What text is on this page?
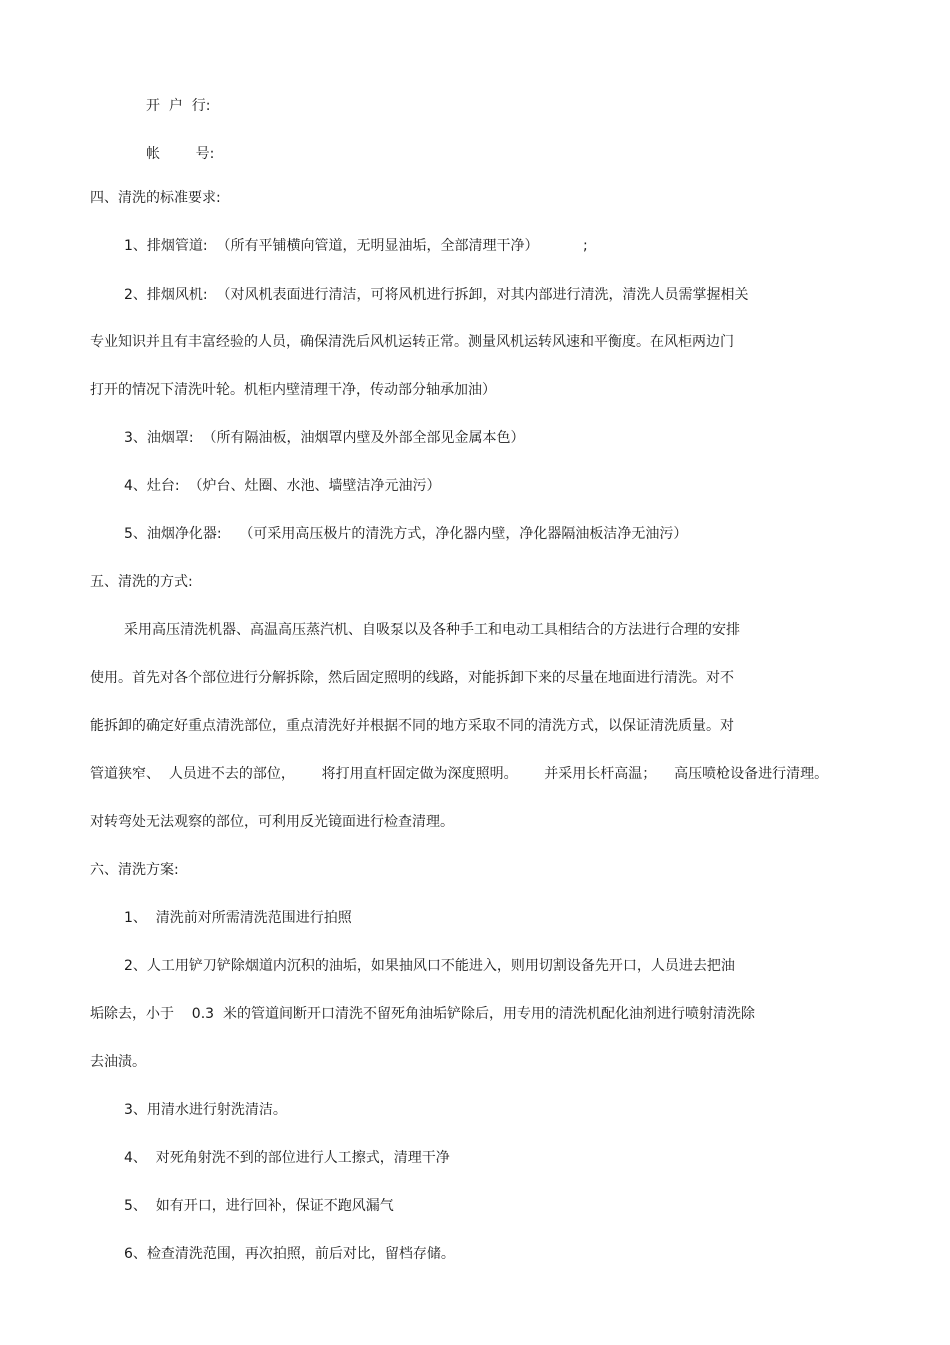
开  户  行:
帐        号:
四、清洗的标准要求:
1、排烟管道:  （所有平铺横向管道，无明显油垢，全部清理干净）          ;
2、排烟风机:  （对风机表面进行清洁，可将风机进行拆卸，对其内部进行清洗，清洗人员需掌握相关
专业知识并且有丰富经验的人员，确保清洗后风机运转正常。测量风机运转风速和平衡度。在风柜两边门
打开的情况下清洗叶轮。机柜内壁清理干净，传动部分轴承加油）
3、油烟罩:  （所有隔油板，油烟罩内壁及外部全部见金属本色）
4、灶台:  （炉台、灶圈、水池、墙壁洁净元油污）
5、油烟净化器:    （可采用高压极片的清洗方式，净化器内壁，净化器隔油板洁净无油污）
五、清洗的方式:
采用高压清洗机器、高温高压蒸汽机、自吸泵以及各种手工和电动工具相结合的方法进行合理的安排
使用。首先对各个部位进行分解拆除，然后固定照明的线路，对能拆卸下来的尽量在地面进行清洗。对不
能拆卸的确定好重点清洗部位，重点清洗好并根据不同的地方采取不同的清洗方式，以保证清洗质量。对
管道狭窄、  人员进不去的部位，      将打用直杆固定做为深度照明。      并采用长杆高温；    高压喷枪设备进行清理。
对转弯处无法观察的部位，可利用反光镜面进行检查清理。
六、清洗方案:
1、  清洗前对所需清洗范围进行拍照
2、人工用铲刀铲除烟道内沉积的油垢，如果抽风口不能进入，则用切割设备先开口，人员进去把油
垢除去，小于    0.3  米的管道间断开口清洗不留死角油垢铲除后，用专用的清洗机配化油剂进行喷射清洗除
去油渍。
3、用清水进行射洗清洁。
4、  对死角射洗不到的部位进行人工擦式，清理干净
5、  如有开口，进行回补，保证不跑风漏气
6、检查清洗范围，再次拍照，前后对比，留档存储。
